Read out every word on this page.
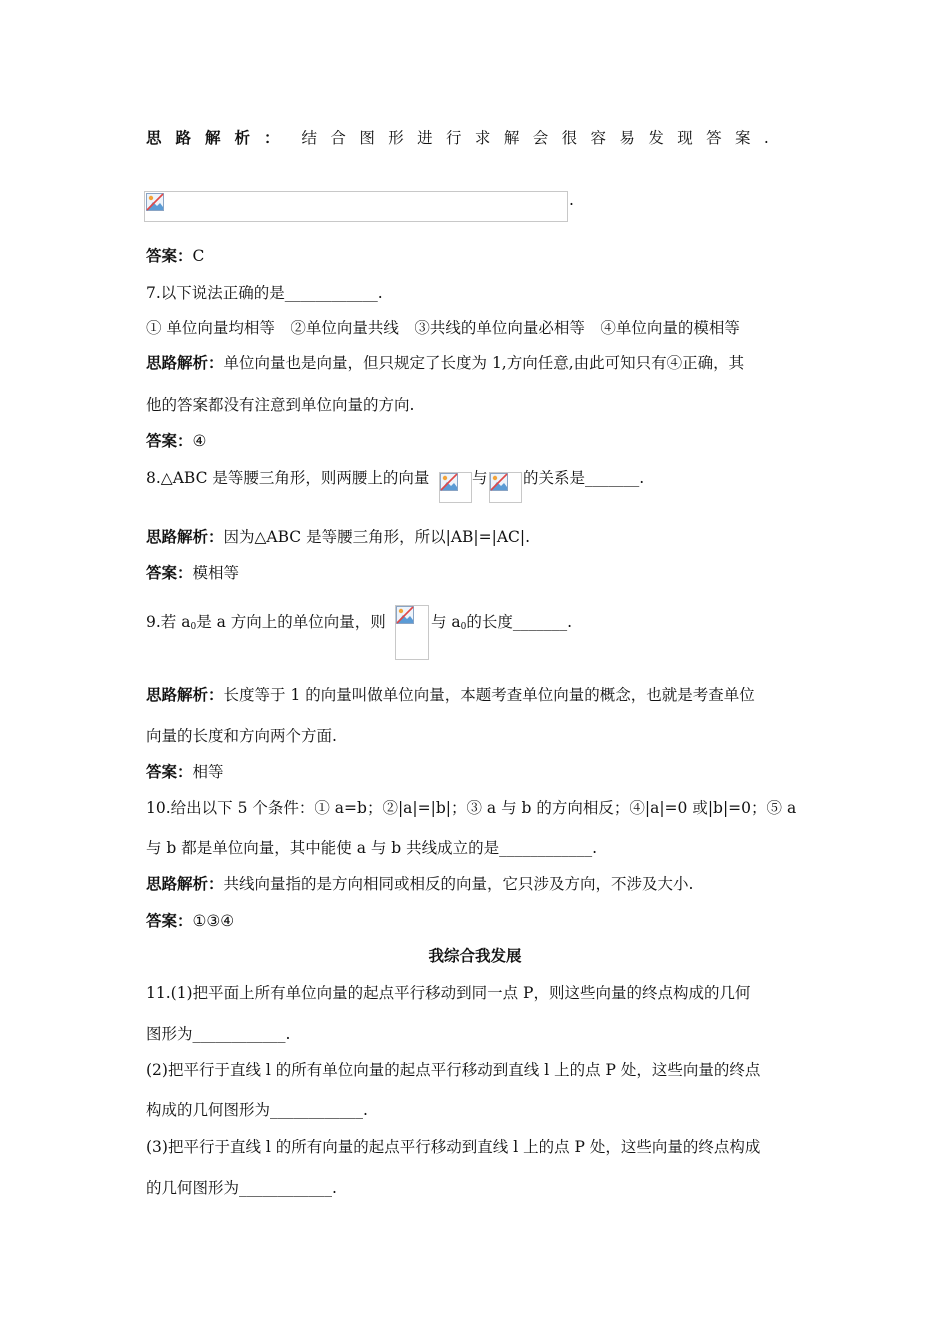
思路解析： 结合图形进行求解会很容易发现答案.
.
答案：C
7.以下说法正确的是____________.
① 单位向量均相等　②单位向量共线　③共线的单位向量必相等　④单位向量的模相等
思路解析：单位向量也是向量，但只规定了长度为 1,方向任意,由此可知只有④正确，其
他的答案都没有注意到单位向量的方向.
答案：④
8.△ABC 是等腰三角形，则两腰上的向量	与 的关系是_______.
思路解析：因为△ABC 是等腰三角形，所以|AB|=|AC|.
答案：模相等
9.若 $a_0$是 a 方向上的单位向量，则	与 $a_0$的长度_______.
思路解析：长度等于 1 的向量叫做单位向量，本题考查单位向量的概念，也就是考查单位
向量的长度和方向两个方面.
答案：相等
10.给出以下 5 个条件：① a=b；②|a|=|b|；③ a 与 b 的方向相反；④|a|=0 或|b|=0；⑤ a
与 b 都是单位向量，其中能使 a 与 b 共线成立的是____________.
思路解析：共线向量指的是方向相同或相反的向量，它只涉及方向，不涉及大小.
答案：①③④
我综合我发展
11.(1)把平面上所有单位向量的起点平行移动到同一点 P，则这些向量的终点构成的几何
图形为____________.
(2)把平行于直线 l 的所有单位向量的起点平行移动到直线 l 上的点 P 处，这些向量的终点
构成的几何图形为____________.
(3)把平行于直线 l 的所有向量的起点平行移动到直线 l 上的点 P 处，这些向量的终点构成
的几何图形为____________.
